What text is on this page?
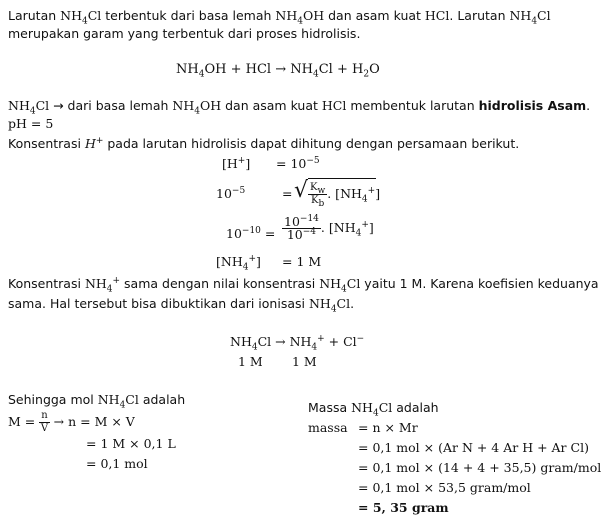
Larutan $NH_4Cl$ terbentuk dari basa lemah $NH_4OH$ dan asam kuat HCl. Larutan $NH_4Cl$
merupakan garam yang terbentuk dari proses hidrolisis.
$NH_4OH$ + HCl → $NH_4Cl + H_2O$
$NH_4Cl$ → dari basa lemah $NH_4OH$ dan asam kuat HCl membentuk larutan hidrolisis Asam.
pH = 5
Konsentrasi H+ pada larutan hidrolisis dapat dihitung dengan persamaan berikut.
$[H^+] = 10^{-5}$
$10^{-5}$	= √ $\frac{K_w}{K_b}$ . $[NH_4^+]$
$10^{-10} = \frac{10^{-14}}{10^{-4}}$ . $[NH_4^+]$
$[NH_4^+] = 1$ M
Konsentrasi $NH_4^+$ sama dengan nilai konsentrasi $NH_4Cl$ yaitu 1 M. Karena koefisien keduanya
sama. Hal tersebut bisa dibuktikan dari ionisasi $NH_4Cl$.
$NH_4Cl \to NH_4^+ + Cl^-$
1 M 1 M
Sehingga mol $NH_4Cl$ adalah
$M = \frac{n}{V} \to n = M \times V$
= 1 M × 0,1 L
= 0,1 mol
Massa $NH_4Cl$ adalah
massa = n × Mr
= 0,1 mol × (Ar N + 4 Ar H + Ar Cl)
= 0,1 mol × (14 + 4 + 35,5) gram/mol
= 0,1 mol × 53,5 gram/mol
= 5, 35 gram
